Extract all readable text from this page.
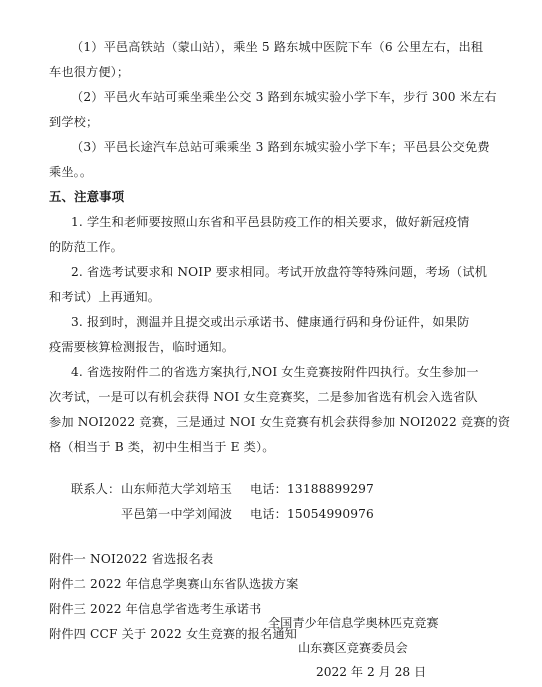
（1）平邑高铁站（蒙山站），乘坐 5 路东城中医院下车（6 公里左右，出租
车也很方便）；
（2）平邑火车站可乘坐乘坐公交 3 路到东城实验小学下车，步行 300 米左右
到学校；
（3）平邑长途汽车总站可乘乘坐 3 路到东城实验小学下车；平邑县公交免费
乘坐。。
五、注意事项
1. 学生和老师要按照山东省和平邑县防疫工作的相关要求，做好新冠疫情
的防范工作。
2. 省选考试要求和 NOIP 要求相同。考试开放盘符等特殊问题，考场（试机
和考试）上再通知。
3. 报到时，测温并且提交或出示承诺书、健康通行码和身份证件，如果防
疫需要核算检测报告，临时通知。
4. 省选按附件二的省选方案执行,NOI 女生竞赛按附件四执行。女生参加一
次考试，一是可以有机会获得 NOI 女生竞赛奖，二是参加省选有机会入选省队
参加 NOI2022 竞赛，三是通过 NOI 女生竞赛有机会获得参加 NOI2022 竞赛的资
格（相当于 B 类，初中生相当于 E 类）。
联系人： 山东师范大学刘培玉 电话：13188899297
平邑第一中学刘闻波 电话：15054990976
附件一 NOI2022 省选报名表
附件二 2022 年信息学奥赛山东省队选拔方案
附件三 2022 年信息学省选考生承诺书
附件四 CCF 关于 2022 女生竞赛的报名通知
全国青少年信息学奥林匹克竞赛
山东赛区竞赛委员会
2022 年 2 月 28 日
